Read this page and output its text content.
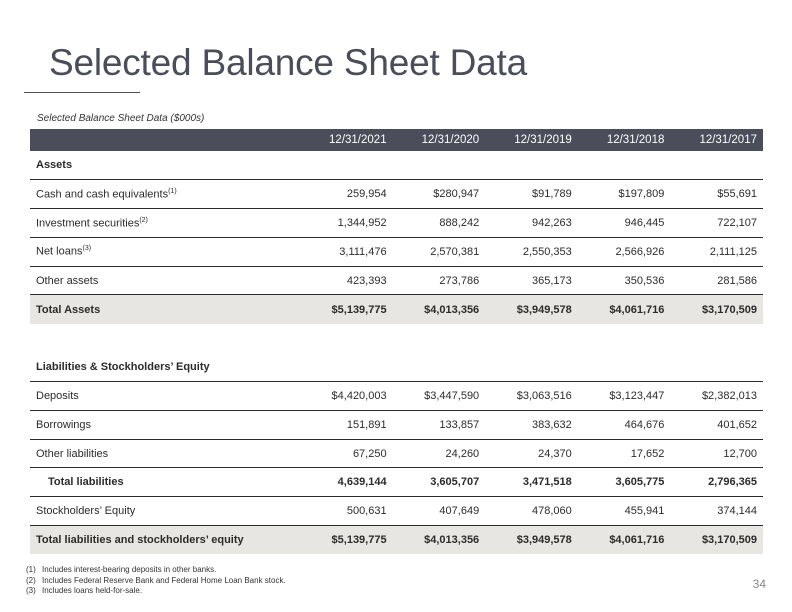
Selected Balance Sheet Data
Selected Balance Sheet Data ($000s)
	12/31/2021	12/31/2020	12/31/2019	12/31/2018	12/31/2017
Assets					
Cash and cash equivalents$^{(1)}$	259,954	$280,947	$91,789	$197,809	$55,691
Investment securities$^{(2)}$	1,344,952	888,242	942,263	946,445	722,107
Net loans$^{(3)}$	3,111,476	2,570,381	2,550,353	2,566,926	2,111,125
Other assets	423,393	273,786	365,173	350,536	281,586
Total Assets	$5,139,775	$4,013,356	$3,949,578	$4,061,716	$3,170,509

Liabilities & Stockholders’ Equity					
Deposits	$4,420,003	$3,447,590	$3,063,516	$3,123,447	$2,382,013
Borrowings	151,891	133,857	383,632	464,676	401,652
Other liabilities	67,250	24,260	24,370	17,652	12,700
Total liabilities	4,639,144	3,605,707	3,471,518	3,605,775	2,796,365
Stockholders’ Equity	500,631	407,649	478,060	455,941	374,144
Total liabilities and stockholders’ equity	$5,139,775	$4,013,356	$3,949,578	$4,061,716	$3,170,509
(1) Includes interest-bearing deposits in other banks.
(2) Includes Federal Reserve Bank and Federal Home Loan Bank stock.
(3) Includes loans held-for-sale.	34
